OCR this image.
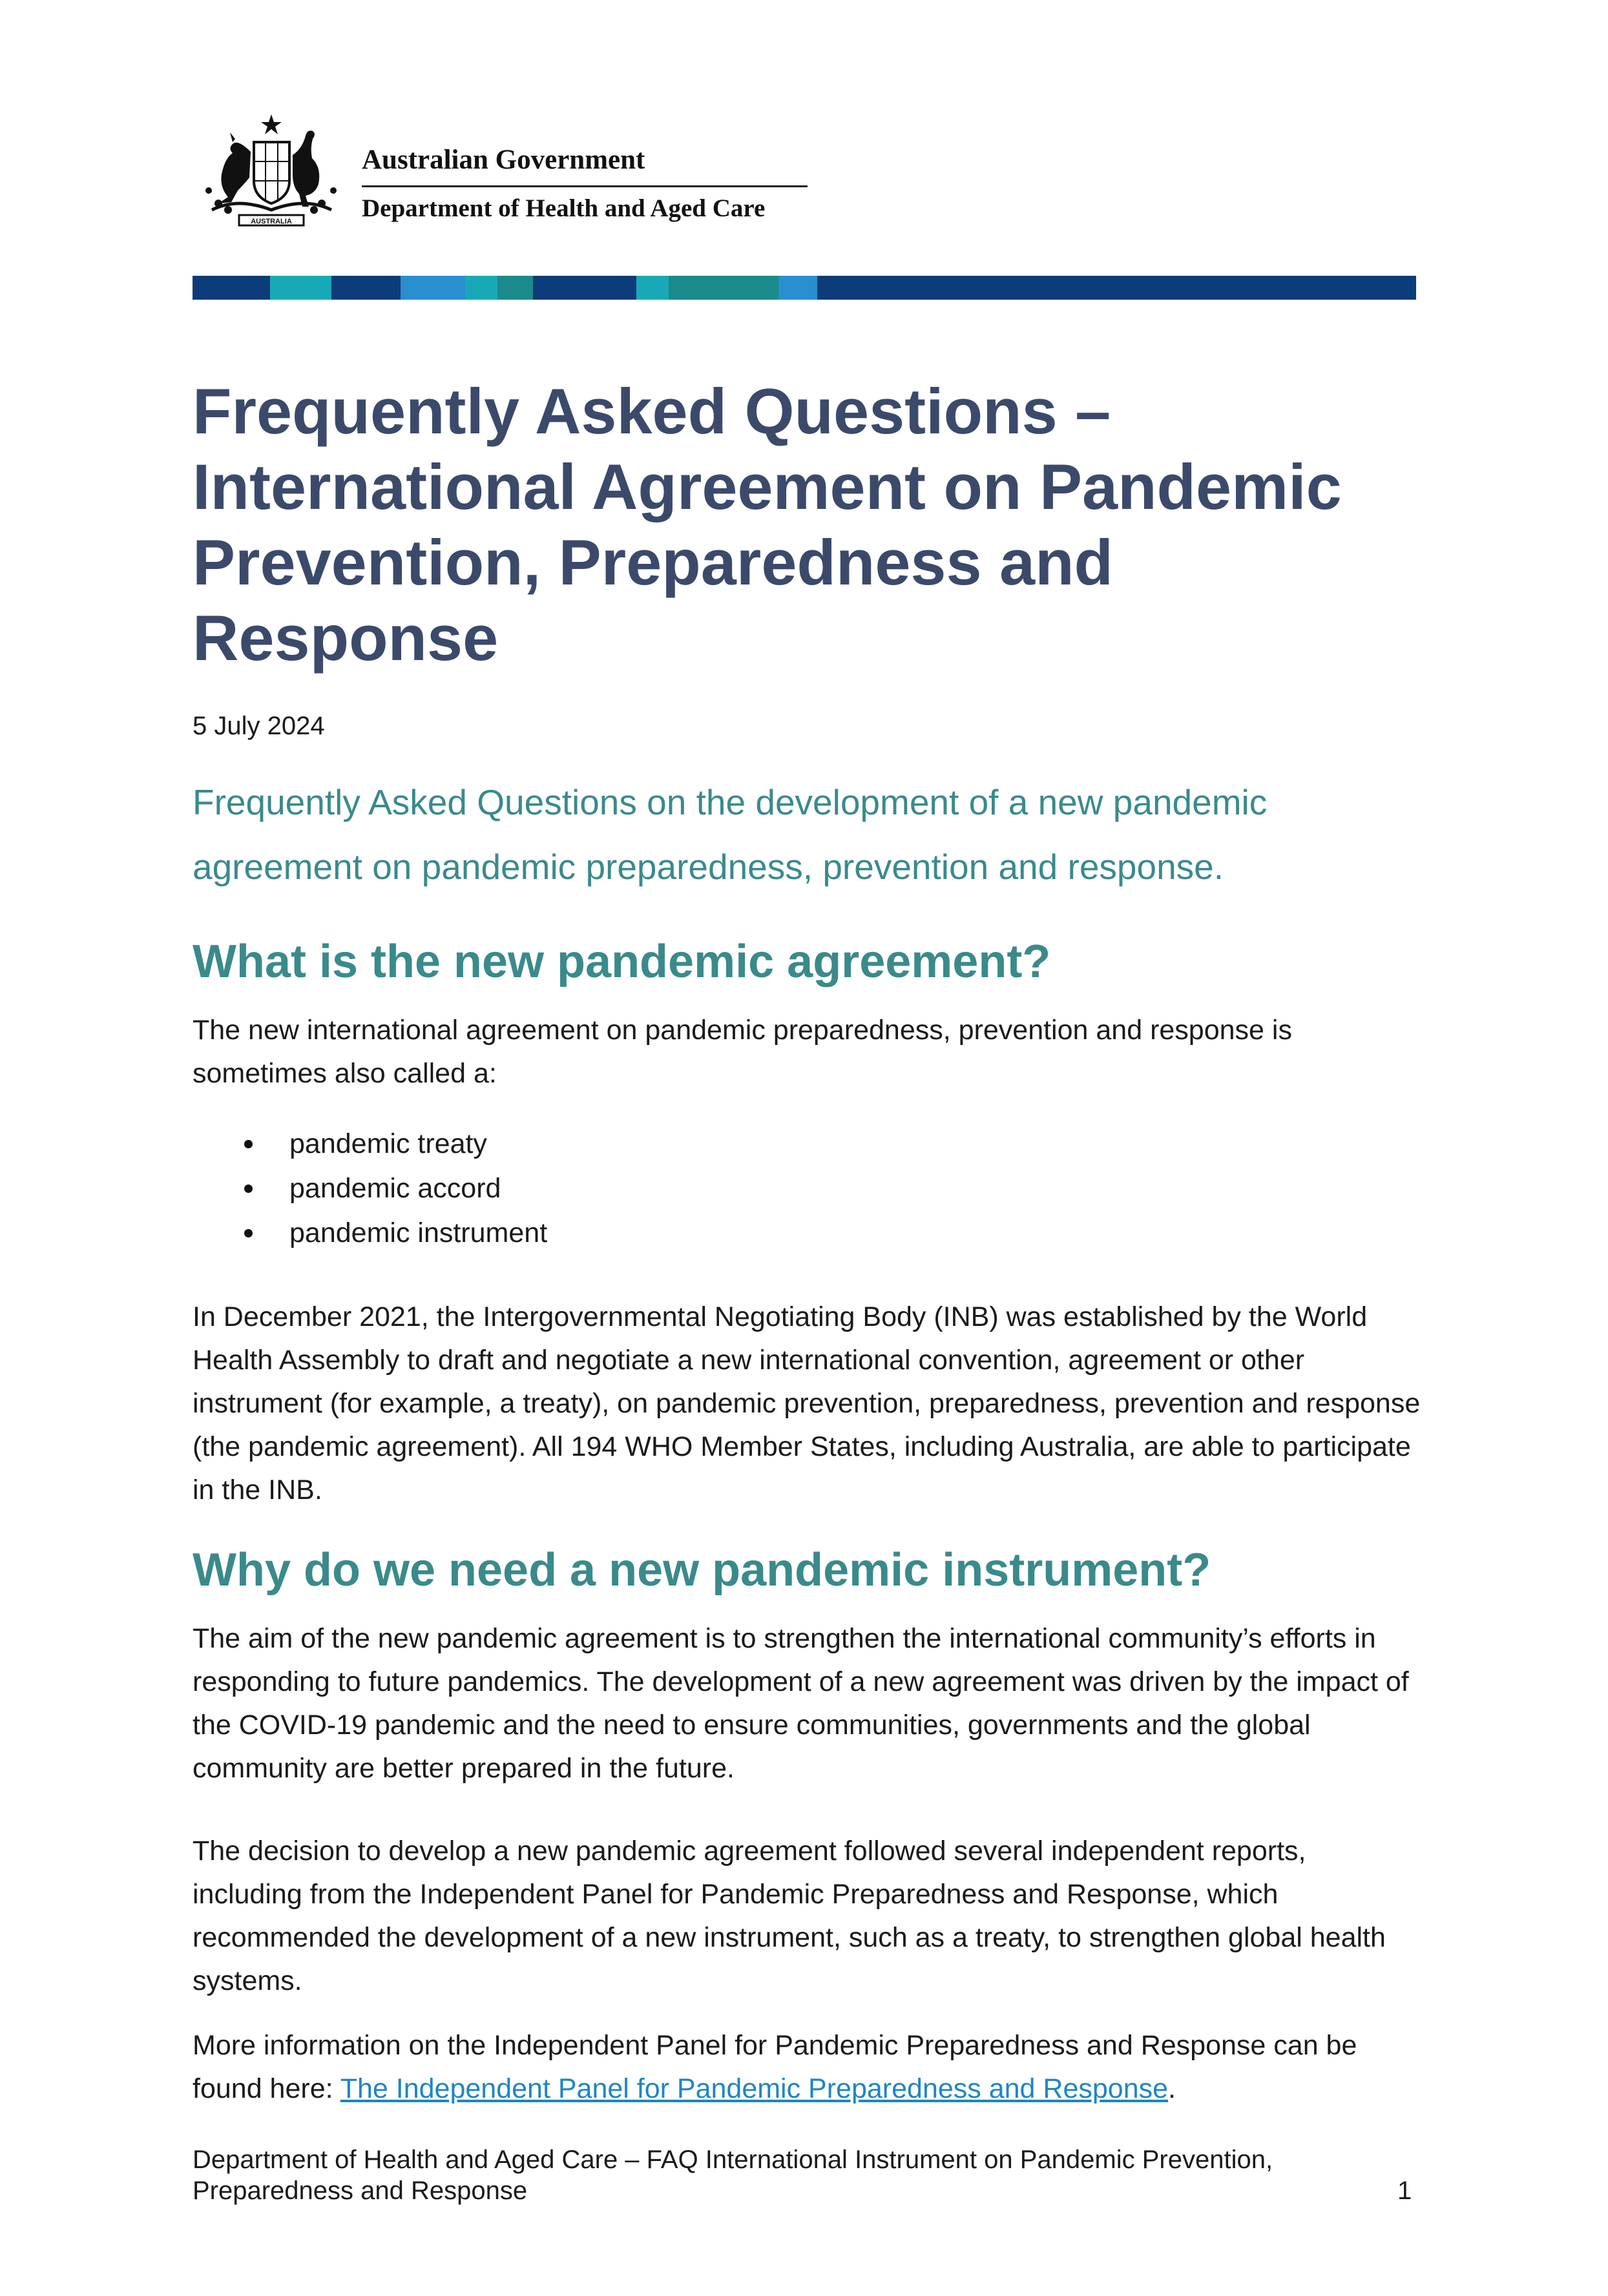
AUSTRALIA
Australian Government
Department of Health and Aged Care
Frequently Asked Questions – International Agreement on Pandemic Prevention, Preparedness and Response
5 July 2024
Frequently Asked Questions on the development of a new pandemic agreement on pandemic preparedness, prevention and response.
What is the new pandemic agreement?

The new international agreement on pandemic preparedness, prevention and response is sometimes also called a:

pandemic treaty
pandemic accord
pandemic instrument

In December 2021, the Intergovernmental Negotiating Body (INB) was established by the World Health Assembly to draft and negotiate a new international convention, agreement or other instrument (for example, a treaty), on pandemic prevention, preparedness, prevention and response (the pandemic agreement). All 194 WHO Member States, including Australia, are able to participate in the INB.

Why do we need a new pandemic instrument?

The aim of the new pandemic agreement is to strengthen the international community’s efforts in responding to future pandemics. The development of a new agreement was driven by the impact of the COVID-19 pandemic and the need to ensure communities, governments and the global community are better prepared in the future.

The decision to develop a new pandemic agreement followed several independent reports, including from the Independent Panel for Pandemic Preparedness and Response, which recommended the development of a new instrument, such as a treaty, to strengthen global health systems.

More information on the Independent Panel for Pandemic Preparedness and Response can be found here: The Independent Panel for Pandemic Preparedness and Response.

Department of Health and Aged Care – FAQ International Instrument on Pandemic Prevention, Preparedness and Response	1
